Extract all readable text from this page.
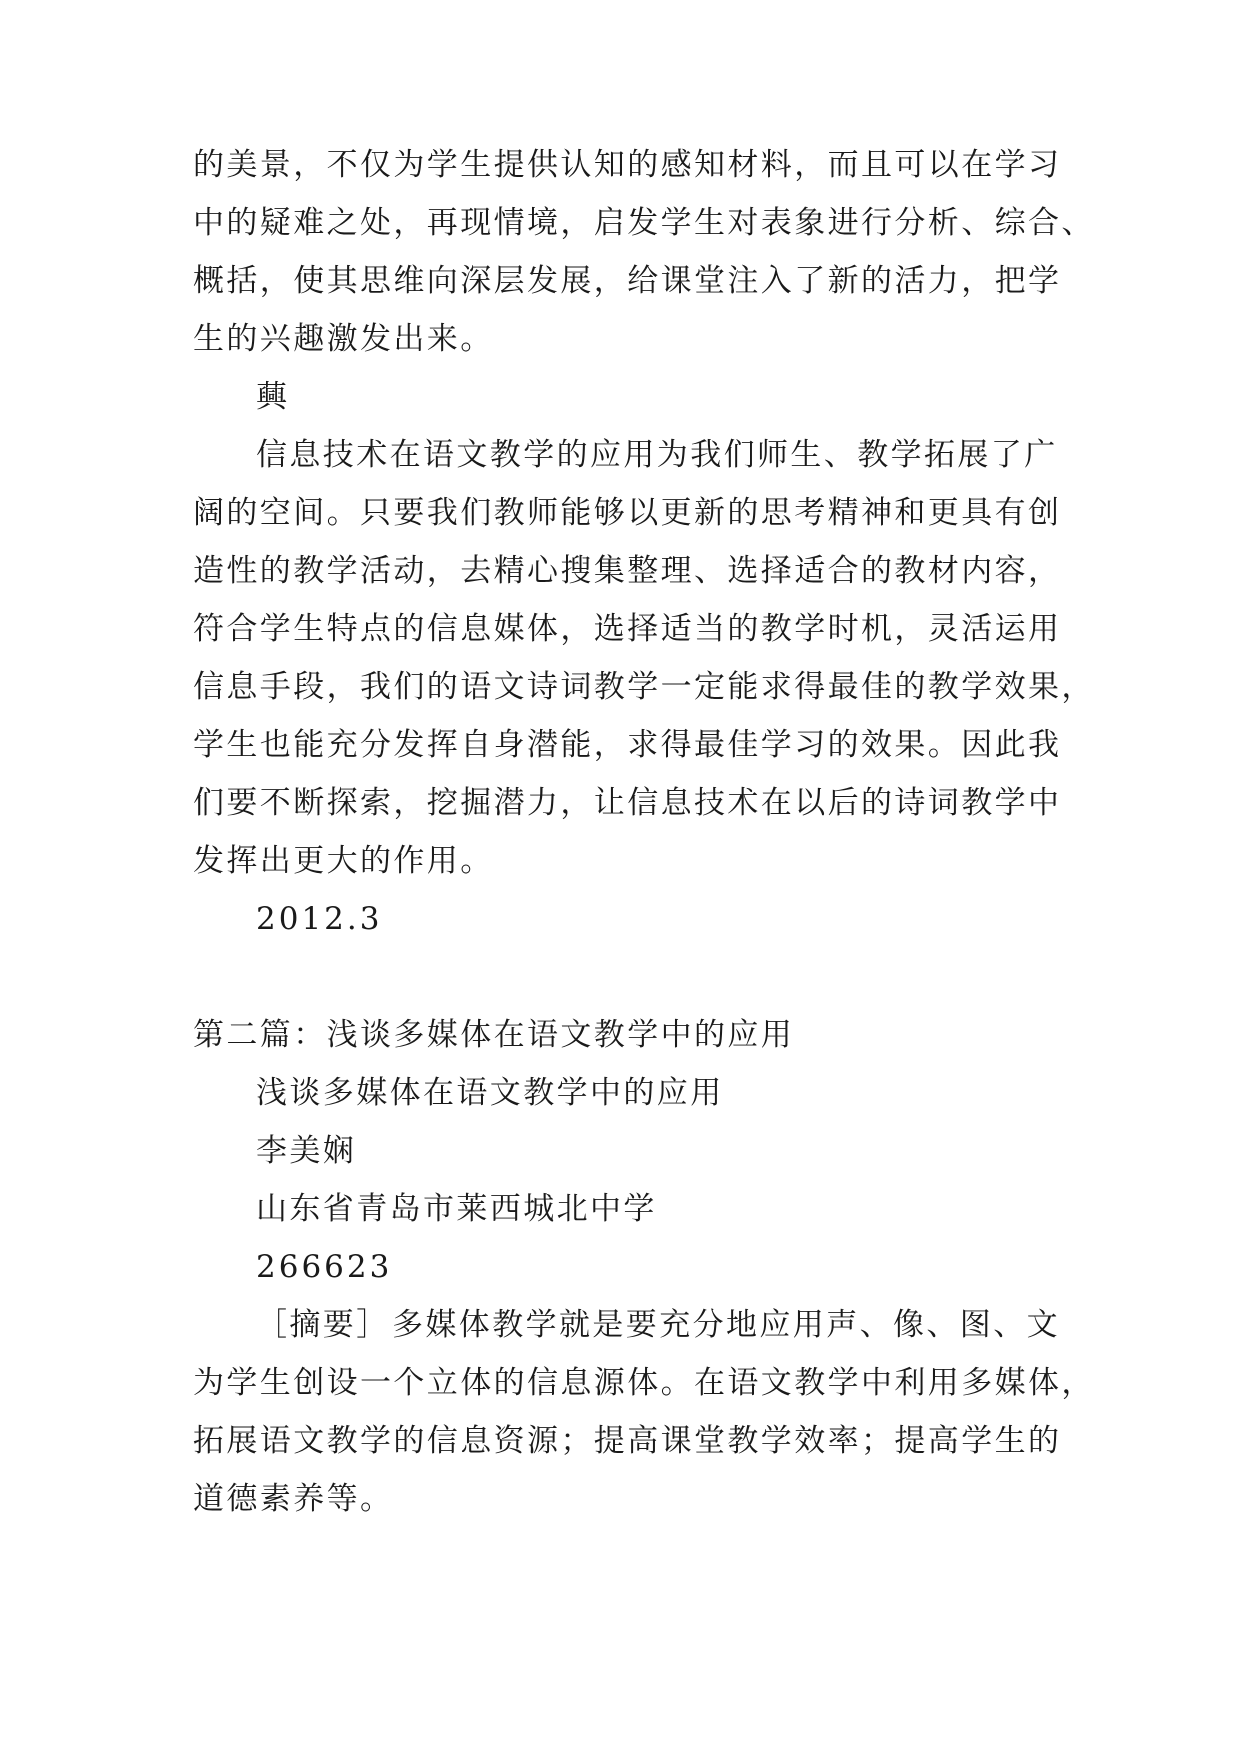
的美景，不仅为学生提供认知的感知材料，而且可以在学习
中的疑难之处，再现情境，启发学生对表象进行分析、综合、
概括，使其思维向深层发展，给课堂注入了新的活力，把学
生的兴趣激发出来。
䕟
信息技术在语文教学的应用为我们师生、教学拓展了广
阔的空间。只要我们教师能够以更新的思考精神和更具有创
造性的教学活动，去精心搜集整理、选择适合的教材内容，
符合学生特点的信息媒体，选择适当的教学时机，灵活运用
信息手段，我们的语文诗词教学一定能求得最佳的教学效果，
学生也能充分发挥自身潜能，求得最佳学习的效果。因此我
们要不断探索，挖掘潜力，让信息技术在以后的诗词教学中
发挥出更大的作用。
2012.3
第二篇：浅谈多媒体在语文教学中的应用
浅谈多媒体在语文教学中的应用
李美娴
山东省青岛市莱西城北中学
266623
［摘要］ 多媒体教学就是要充分地应用声、像、图、文
为学生创设一个立体的信息源体。在语文教学中利用多媒体，
拓展语文教学的信息资源；提高课堂教学效率；提高学生的
道德素养等。
